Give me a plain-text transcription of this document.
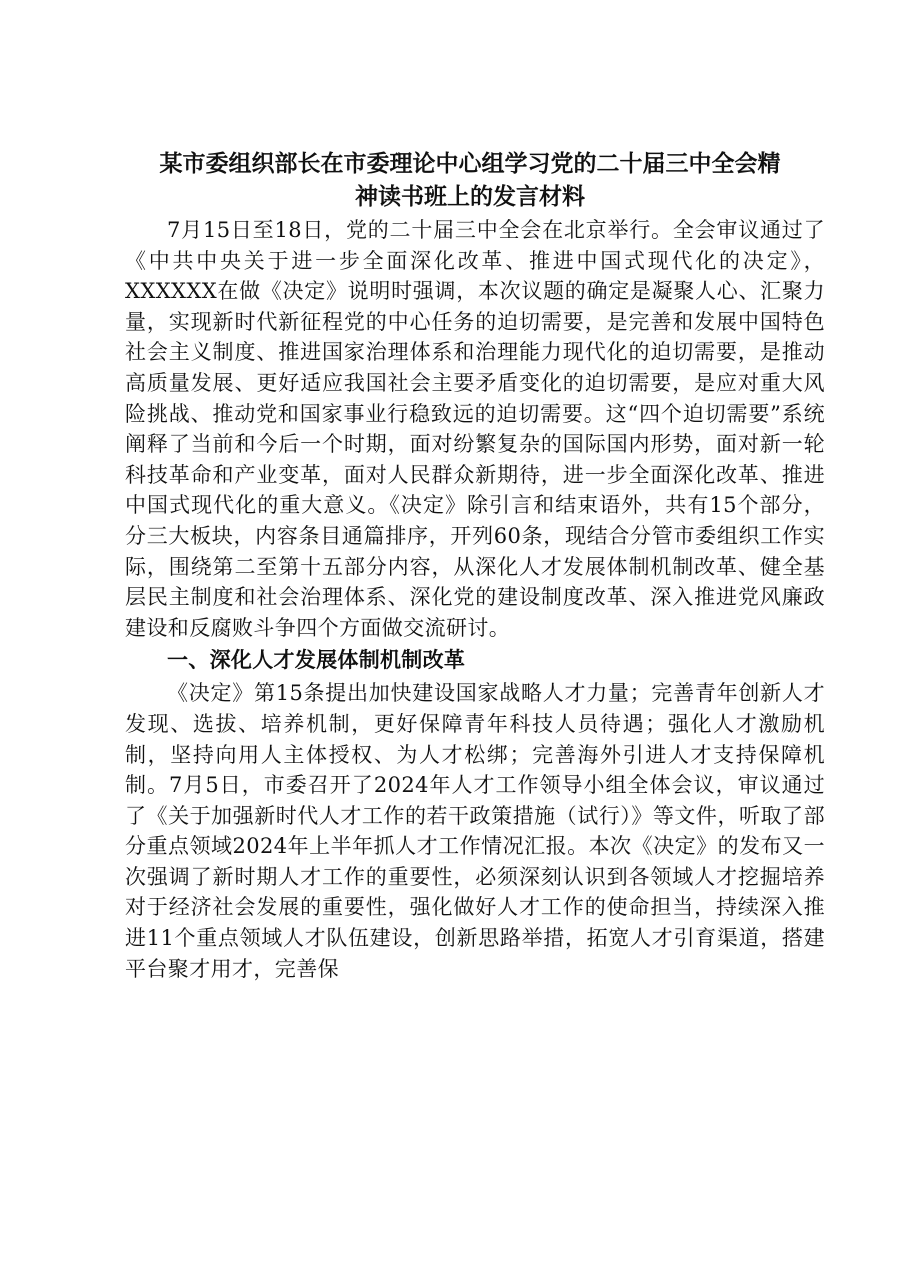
某市委组织部长在市委理论中心组学习党的二十届三中全会精
神读书班上的发言材料

7月15日至18日，党的二十届三中全会在北京举行。全会审议通过了《中共中央关于进一步全面深化改革、推进中国式现代化的决定》，XXXXXX在做《决定》说明时强调，本次议题的确定是凝聚人心、汇聚力量，实现新时代新征程党的中心任务的迫切需要，是完善和发展中国特色社会主义制度、推进国家治理体系和治理能力现代化的迫切需要，是推动高质量发展、更好适应我国社会主要矛盾变化的迫切需要，是应对重大风险挑战、推动党和国家事业行稳致远的迫切需要。这“四个迫切需要”系统阐释了当前和今后一个时期，面对纷繁复杂的国际国内形势，面对新一轮科技革命和产业变革，面对人民群众新期待，进一步全面深化改革、推进中国式现代化的重大意义。《决定》除引言和结束语外，共有15个部分，分三大板块，内容条目通篇排序，开列60条，现结合分管市委组织工作实际，围绕第二至第十五部分内容，从深化人才发展体制机制改革、健全基层民主制度和社会治理体系、深化党的建设制度改革、深入推进党风廉政建设和反腐败斗争四个方面做交流研讨。

一、深化人才发展体制机制改革

《决定》第15条提出加快建设国家战略人才力量；完善青年创新人才发现、选拔、培养机制，更好保障青年科技人员待遇；强化人才激励机制，坚持向用人主体授权、为人才松绑；完善海外引进人才支持保障机制。7月5日，市委召开了2024年人才工作领导小组全体会议，审议通过了《关于加强新时代人才工作的若干政策措施（试行）》等文件，听取了部分重点领域2024年上半年抓人才工作情况汇报。本次《决定》的发布又一次强调了新时期人才工作的重要性，必须深刻认识到各领域人才挖掘培养对于经济社会发展的重要性，强化做好人才工作的使命担当，持续深入推进11个重点领域人才队伍建设，创新思路举措，拓宽人才引育渠道，搭建平台聚才用才，完善保
